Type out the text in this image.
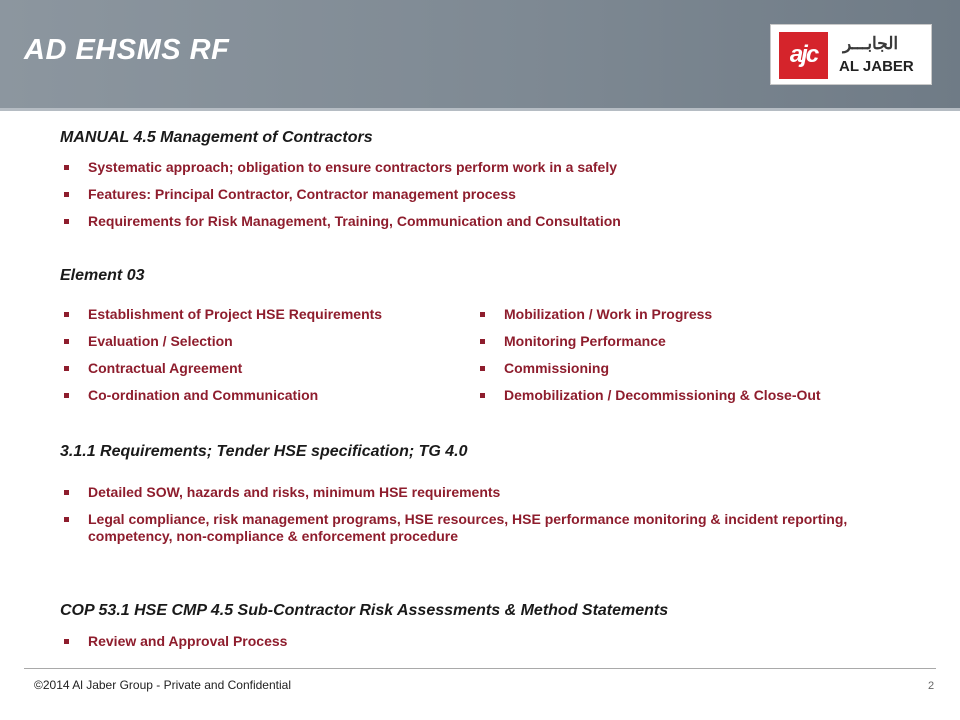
AD EHSMS RF	ajc	الجابـــر
AL JABER
MANUAL 4.5 Management of Contractors
Systematic approach; obligation to ensure contractors perform work in a safely
Features: Principal Contractor, Contractor management process
Requirements for Risk Management, Training, Communication and Consultation
Element 03
Establishment of Project HSE Requirements
Evaluation / Selection
Contractual Agreement
Co-ordination and Communication
Mobilization / Work in Progress
Monitoring Performance
Commissioning
Demobilization / Decommissioning & Close-Out
3.1.1 Requirements; Tender HSE specification; TG 4.0
Detailed SOW, hazards and risks, minimum HSE requirements
Legal compliance, risk management programs, HSE resources, HSE performance monitoring & incident reporting, competency, non-compliance & enforcement procedure
COP 53.1 HSE CMP 4.5 Sub-Contractor Risk Assessments & Method Statements
Review and Approval Process
©2014 Al Jaber Group - Private and Confidential	2
